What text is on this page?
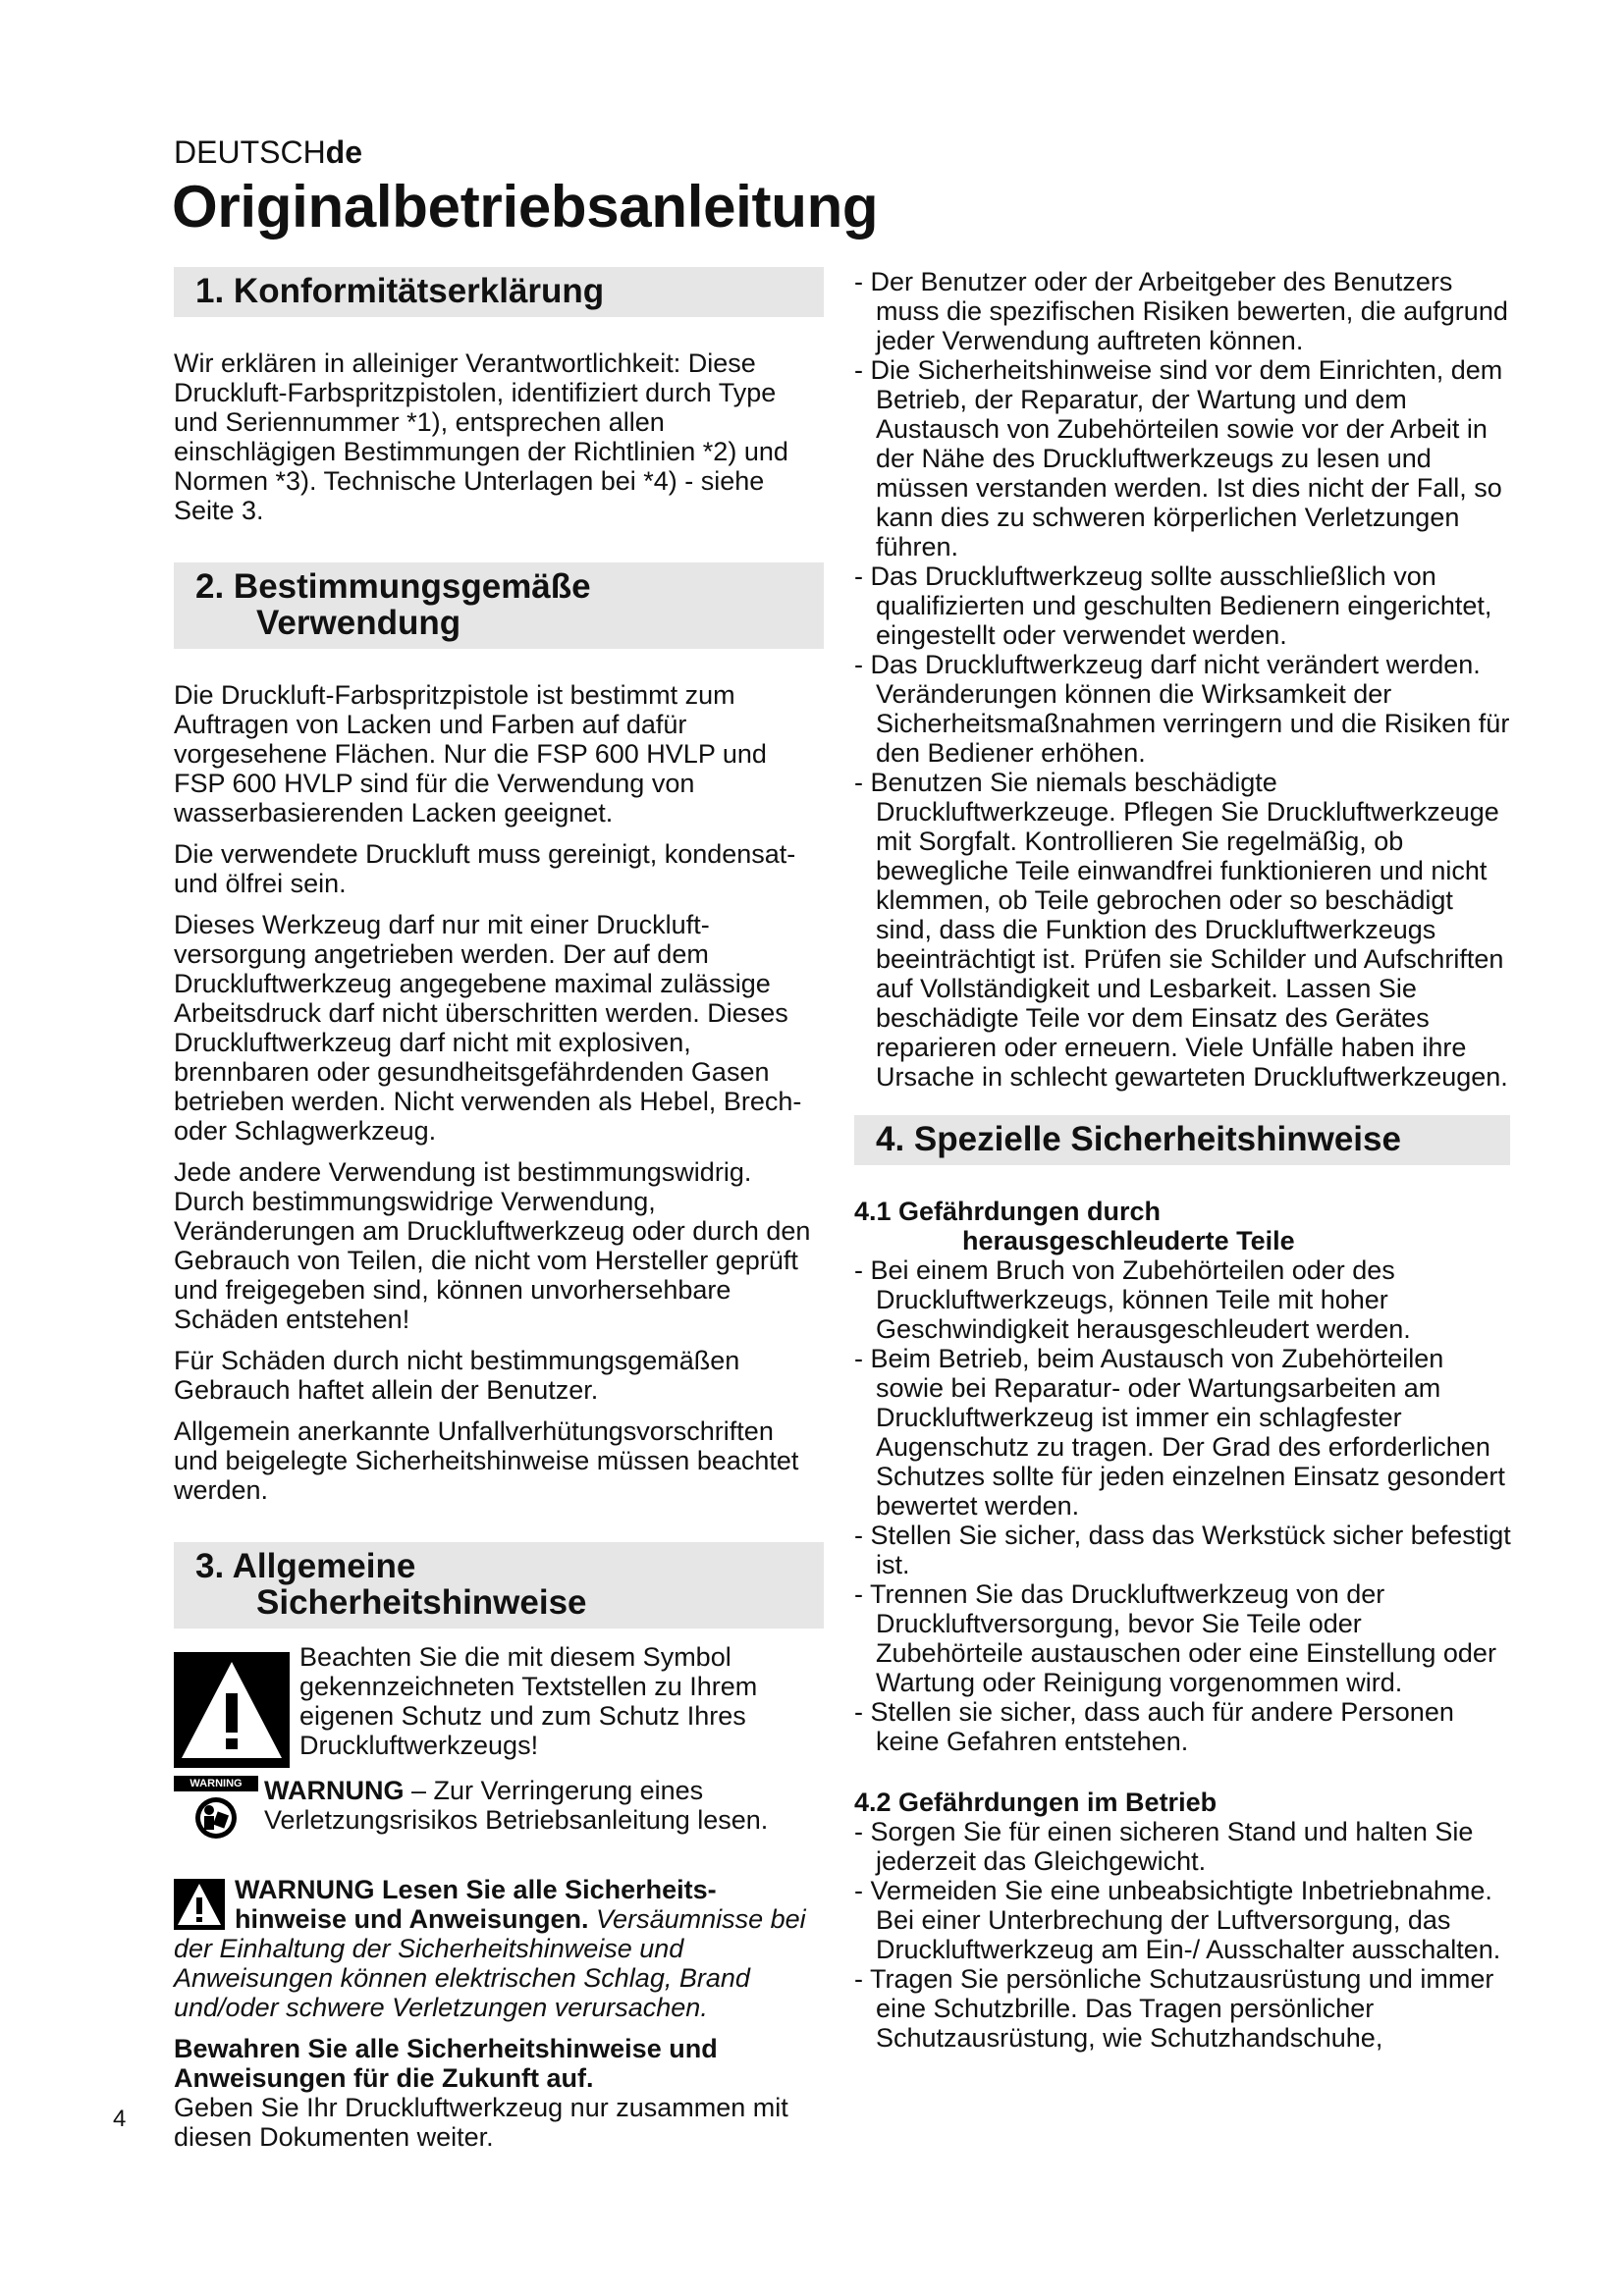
DEUTSCHde
Originalbetriebsanleitung
1. Konformitätserklärung

Wir erklären in alleiniger Verantwortlichkeit: Diese Druckluft-Farbspritzpistolen, identifiziert durch Type und Seriennummer *1), entsprechen allen einschlägigen Bestimmungen der Richtlinien *2) und Normen *3). Technische Unterlagen bei *4) - siehe Seite 3.

2. Bestimmungsgemäße
Verwendung

Die Druckluft-Farbspritzpistole ist bestimmt zum Auftragen von Lacken und Farben auf dafür vorgesehene Flächen. Nur die FSP 600 HVLP und FSP 600 HVLP sind für die Verwendung von wasserbasierenden Lacken geeignet.

Die verwendete Druckluft muss gereinigt, kondensat- und ölfrei sein.

Dieses Werkzeug darf nur mit einer Druckluft-versorgung angetrieben werden. Der auf dem Druckluftwerkzeug angegebene maximal zulässige Arbeitsdruck darf nicht überschritten werden. Dieses Druckluftwerkzeug darf nicht mit explosiven, brennbaren oder gesundheitsgefährdenden Gasen betrieben werden. Nicht verwenden als Hebel, Brech- oder Schlagwerkzeug.

Jede andere Verwendung ist bestimmungswidrig. Durch bestimmungswidrige Verwendung, Veränderungen am Druckluftwerkzeug oder durch den Gebrauch von Teilen, die nicht vom Hersteller geprüft und freigegeben sind, können unvorhersehbare Schäden entstehen!

Für Schäden durch nicht bestimmungsgemäßen Gebrauch haftet allein der Benutzer.

Allgemein anerkannte Unfallverhütungsvorschriften und beigelegte Sicherheitshinweise müssen beachtet werden.

3. Allgemeine
Sicherheitshinweise

Beachten Sie die mit diesem Symbol gekennzeichneten Textstellen zu Ihrem eigenen Schutz und zum Schutz Ihres Druckluftwerkzeugs!

WARNING WARNUNG – Zur Verringerung eines Verletzungsrisikos Betriebsanleitung lesen.

WARNUNG Lesen Sie alle Sicherheits-hinweise und Anweisungen. Versäumnisse bei der Einhaltung der Sicherheitshinweise und Anweisungen können elektrischen Schlag, Brand und/oder schwere Verletzungen verursachen.

Bewahren Sie alle Sicherheitshinweise und Anweisungen für die Zukunft auf.

Geben Sie Ihr Druckluftwerkzeug nur zusammen mit diesen Dokumenten weiter.

- Der Benutzer oder der Arbeitgeber des Benutzers muss die spezifischen Risiken bewerten, die aufgrund jeder Verwendung auftreten können.

- Die Sicherheitshinweise sind vor dem Einrichten, dem Betrieb, der Reparatur, der Wartung und dem Austausch von Zubehörteilen sowie vor der Arbeit in der Nähe des Druckluftwerkzeugs zu lesen und müssen verstanden werden. Ist dies nicht der Fall, so kann dies zu schweren körperlichen Verletzungen führen.

- Das Druckluftwerkzeug sollte ausschließlich von qualifizierten und geschulten Bedienern eingerichtet, eingestellt oder verwendet werden.

- Das Druckluftwerkzeug darf nicht verändert werden. Veränderungen können die Wirksamkeit der Sicherheitsmaßnahmen verringern und die Risiken für den Bediener erhöhen.

- Benutzen Sie niemals beschädigte Druckluftwerkzeuge. Pflegen Sie Druckluftwerkzeuge mit Sorgfalt. Kontrollieren Sie regelmäßig, ob bewegliche Teile einwandfrei funktionieren und nicht klemmen, ob Teile gebrochen oder so beschädigt sind, dass die Funktion des Druckluftwerkzeugs beeinträchtigt ist. Prüfen sie Schilder und Aufschriften auf Vollständigkeit und Lesbarkeit. Lassen Sie beschädigte Teile vor dem Einsatz des Gerätes reparieren oder erneuern. Viele Unfälle haben ihre Ursache in schlecht gewarteten Druckluftwerkzeugen.

4. Spezielle Sicherheitshinweise

4.1 Gefährdungen durch
herausgeschleuderte Teile

- Bei einem Bruch von Zubehörteilen oder des Druckluftwerkzeugs, können Teile mit hoher Geschwindigkeit herausgeschleudert werden.

- Beim Betrieb, beim Austausch von Zubehörteilen sowie bei Reparatur- oder Wartungsarbeiten am Druckluftwerkzeug ist immer ein schlagfester Augenschutz zu tragen. Der Grad des erforderlichen Schutzes sollte für jeden einzelnen Einsatz gesondert bewertet werden.

- Stellen Sie sicher, dass das Werkstück sicher befestigt ist.

- Trennen Sie das Druckluftwerkzeug von der Druckluftversorgung, bevor Sie Teile oder Zubehörteile austauschen oder eine Einstellung oder Wartung oder Reinigung vorgenommen wird.

- Stellen sie sicher, dass auch für andere Personen keine Gefahren entstehen.

4.2 Gefährdungen im Betrieb

- Sorgen Sie für einen sicheren Stand und halten Sie jederzeit das Gleichgewicht.

- Vermeiden Sie eine unbeabsichtigte Inbetriebnahme. Bei einer Unterbrechung der Luftversorgung, das Druckluftwerkzeug am Ein-/ Ausschalter ausschalten.

- Tragen Sie persönliche Schutzausrüstung und immer eine Schutzbrille. Das Tragen persönlicher Schutzausrüstung, wie Schutzhandschuhe,

4
